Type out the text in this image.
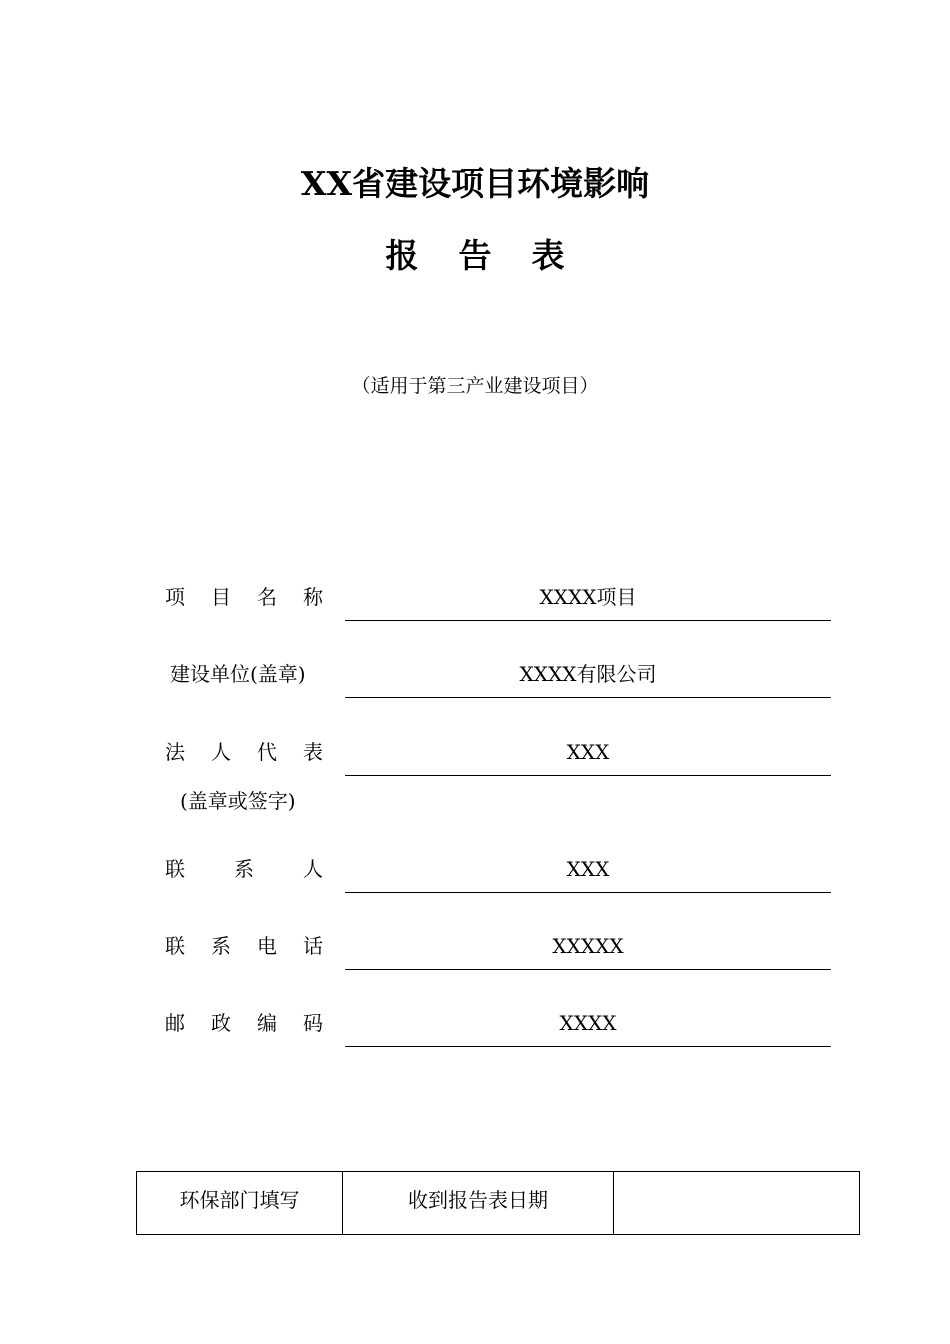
XX省建设项目环境影响
报告表
（适用于第三产业建设项目）
项 目 名 称	XXXX项目
建设单位(盖章)	XXXX有限公司
法 人 代 表	XXX
(盖章或签字)
联 系 人	XXX
联 系 电 话	XXXXX
邮 政 编 码	XXXX
环保部门填写	收到报告表日期	
